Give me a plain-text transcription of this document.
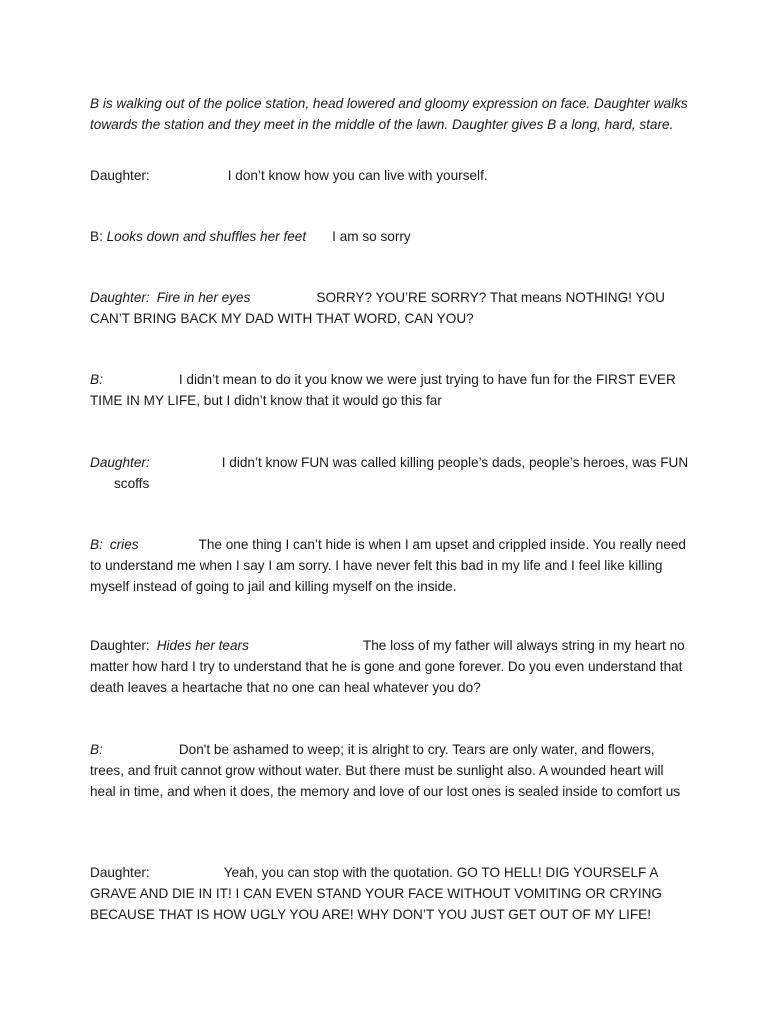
B is walking out of the police station, head lowered and gloomy expression on face. Daughter walks towards the station and they meet in the middle of the lawn. Daughter gives B a long, hard, stare.

Daughter:	I don’t know how you can live with yourself.

B: Looks down and shuffles her feet I am so sorry

Daughter: Fire in her eyes	SORRY? YOU’RE SORRY? That means NOTHING! YOU CAN’T BRING BACK MY DAD WITH THAT WORD, CAN YOU?

B:	I didn’t mean to do it you know we were just trying to have fun for the FIRST EVER TIME IN MY LIFE, but I didn’t know that it would go this far

Daughter:	I didn’t know FUN was called killing people’s dads, people’s heroes, was FUNscoffs

B: cries	The one thing I can’t hide is when I am upset and crippled inside. You really need to understand me when I say I am sorry. I have never felt this bad in my life and I feel like killing myself instead of going to jail and killing myself on the inside.

Daughter: Hides her tears	The loss of my father will always string in my heart no matter how hard I try to understand that he is gone and gone forever. Do you even understand that death leaves a heartache that no one can heal whatever you do?

B:	Don't be ashamed to weep; it is alright to cry. Tears are only water, and flowers, trees, and fruit cannot grow without water. But there must be sunlight also. A wounded heart will heal in time, and when it does, the memory and love of our lost ones is sealed inside to comfort us

Daughter:	Yeah, you can stop with the quotation. GO TO HELL! DIG YOURSELF A GRAVE AND DIE IN IT! I CAN EVEN STAND YOUR FACE WITHOUT VOMITING OR CRYING BECAUSE THAT IS HOW UGLY YOU ARE! WHY DON’T YOU JUST GET OUT OF MY LIFE!
